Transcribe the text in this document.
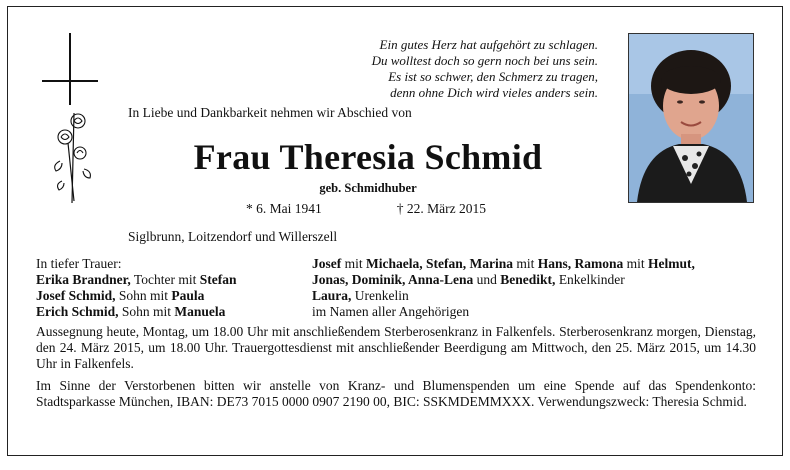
Ein gutes Herz hat aufgehört zu schlagen.
Du wolltest doch so gern noch bei uns sein.
Es ist so schwer, den Schmerz zu tragen,
denn ohne Dich wird vieles anders sein.
In Liebe und Dankbarkeit nehmen wir Abschied von
Frau Theresia Schmid
geb. Schmidhuber
* 6. Mai 1941	† 22. März 2015
Siglbrunn, Loitzendorf und Willerszell
In tiefer Trauer:
Erika Brandner, Tochter mit Stefan
Josef Schmid, Sohn mit Paula
Erich Schmid, Sohn mit Manuela
Josef mit Michaela, Stefan, Marina mit Hans, Ramona mit Helmut,
Jonas, Dominik, Anna-Lena und Benedikt, Enkelkinder
Laura, Urenkelin
im Namen aller Angehörigen
Aussegnung heute, Montag, um 18.00 Uhr mit anschließendem Sterberosenkranz in Falkenfels. Sterberosenkranz morgen, Dienstag, den 24. März 2015, um 18.00 Uhr. Trauergottesdienst mit anschließender Beerdigung am Mittwoch, den 25. März 2015, um 14.30 Uhr in Falkenfels.
Im Sinne der Verstorbenen bitten wir anstelle von Kranz- und Blumenspenden um eine Spende auf das Spendenkonto: Stadtsparkasse München, IBAN: DE73 7015 0000 0907 2190 00, BIC: SSKMDEMMXXX. Verwendungszweck: Theresia Schmid.
